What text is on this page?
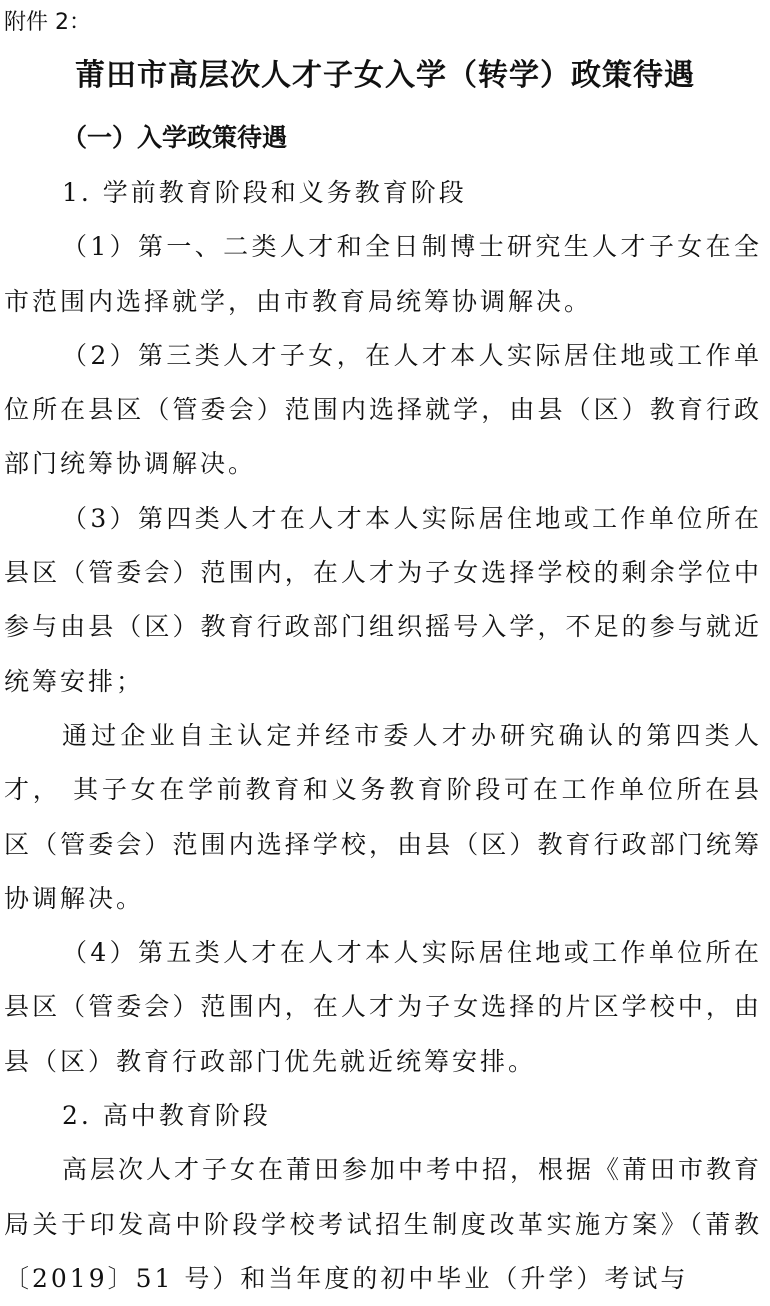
附件 2：

莆田市高层次人才子女入学（转学）政策待遇
（一）入学政策待遇

1. 学前教育阶段和义务教育阶段

（1）第一、二类人才和全日制博士研究生人才子女在全市范围内选择就学，由市教育局统筹协调解决。

（2）第三类人才子女，在人才本人实际居住地或工作单位所在县区（管委会）范围内选择就学，由县（区）教育行政部门统筹协调解决。

（3）第四类人才在人才本人实际居住地或工作单位所在县区（管委会）范围内，在人才为子女选择学校的剩余学位中参与由县（区）教育行政部门组织摇号入学，不足的参与就近统筹安排；

通过企业自主认定并经市委人才办研究确认的第四类人才， 其子女在学前教育和义务教育阶段可在工作单位所在县区（管委会）范围内选择学校，由县（区）教育行政部门统筹协调解决。

（4）第五类人才在人才本人实际居住地或工作单位所在县区（管委会）范围内，在人才为子女选择的片区学校中，由县（区）教育行政部门优先就近统筹安排。

2. 高中教育阶段

高层次人才子女在莆田参加中考中招，根据《莆田市教育局关于印发高中阶段学校考试招生制度改革实施方案》（莆教〔2019〕51 号）和当年度的初中毕业（升学）考试与
